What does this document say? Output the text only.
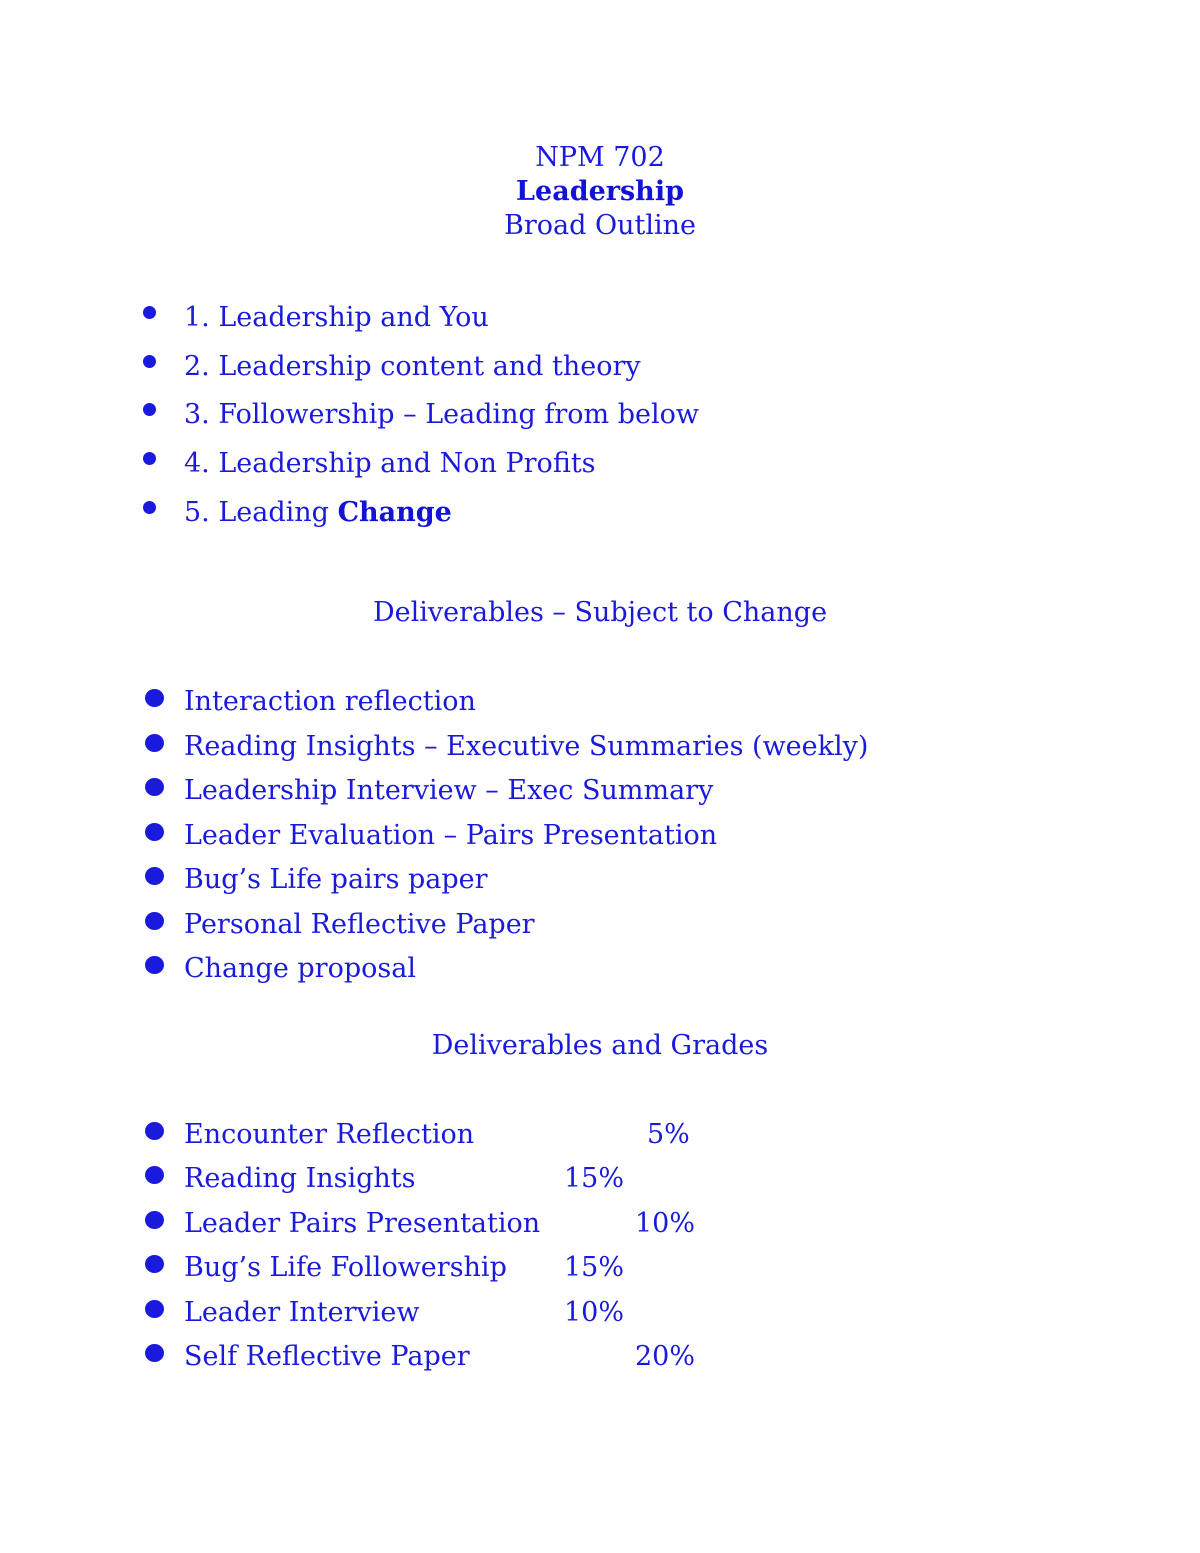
NPM 702
Leadership
Broad Outline
1. Leadership and You
2. Leadership content and theory
3. Followership – Leading from below
4. Leadership and Non Profits
5. Leading Change
Deliverables – Subject to Change
Interaction reflection
Reading Insights – Executive Summaries (weekly)
Leadership Interview – Exec Summary
Leader Evaluation – Pairs Presentation
Bug’s Life pairs paper
Personal Reflective Paper
Change proposal
Deliverables and Grades
Encounter Reflection	5%
Reading Insights	15%
Leader Pairs Presentation	10%
Bug’s Life Followership 15%
Leader Interview	10%
Self Reflective Paper	20%
